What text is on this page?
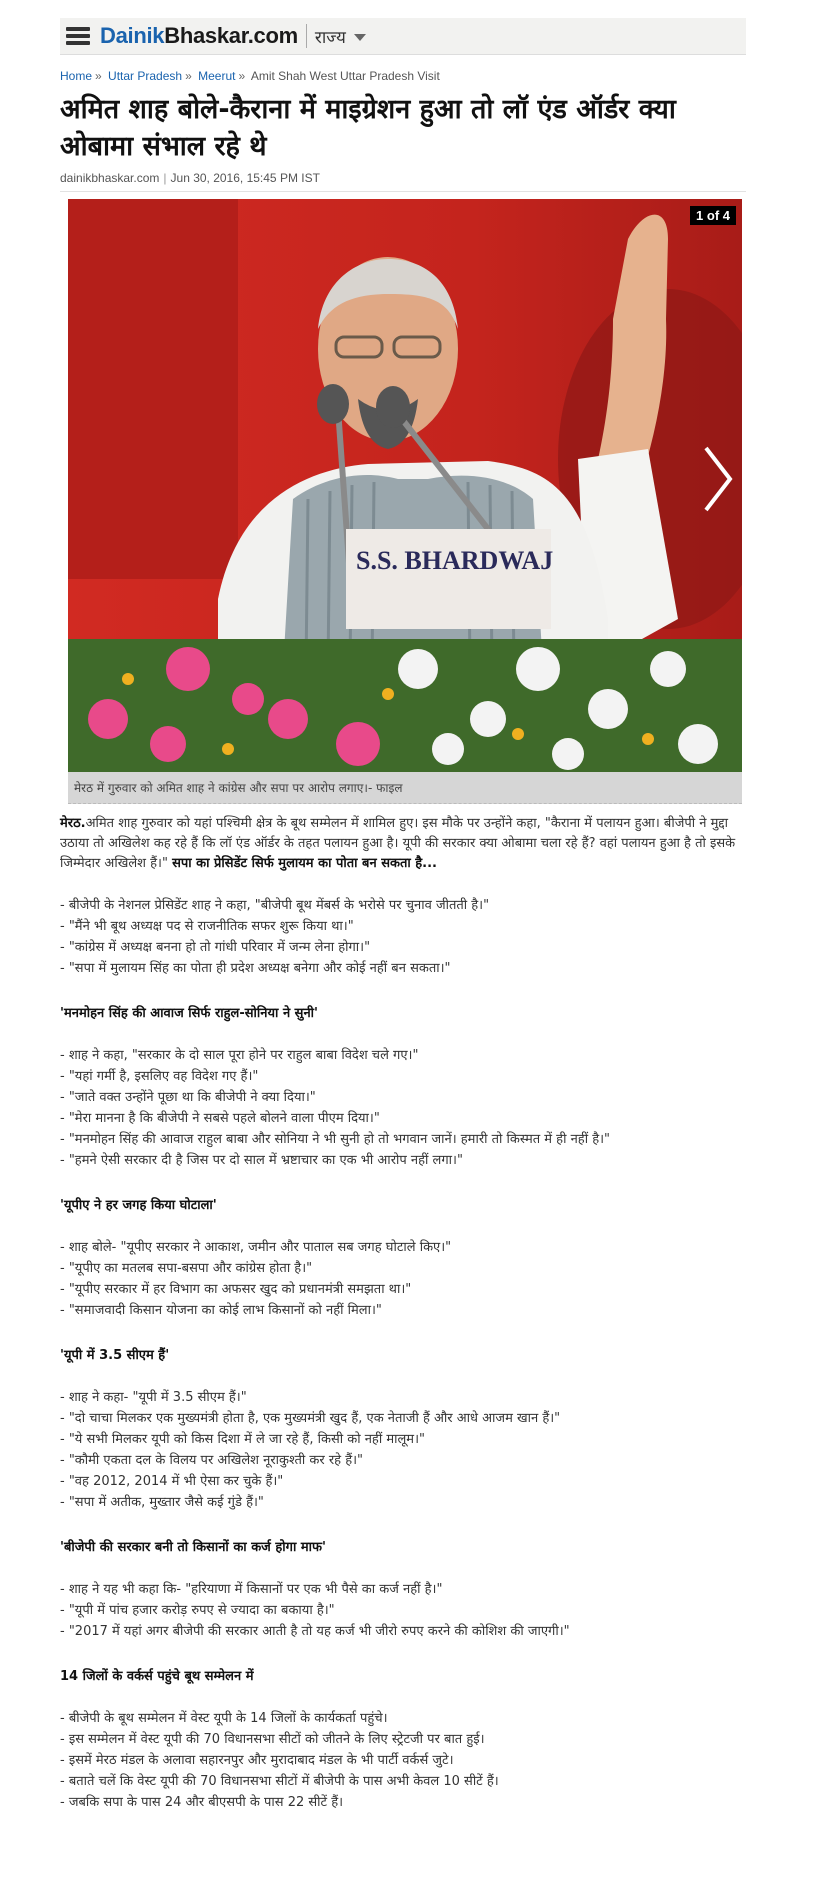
DainikBhaskar.com राज्य
Home » Uttar Pradesh » Meerut » Amit Shah West Uttar Pradesh Visit
अमित शाह बोले-कैराना में माइग्रेशन हुआ तो लॉ एंड ऑर्डर क्या ओबामा संभाल रहे थे
dainikbhaskar.com | Jun 30, 2016, 15:45 PM IST
S.S. BHARDWAJ
1 of 4
मेरठ में गुरुवार को अमित शाह ने कांग्रेस और सपा पर आरोप लगाए।- फाइल

मेरठ.अमित शाह गुरुवार को यहां पश्चिमी क्षेत्र के बूथ सम्मेलन में शामिल हुए। इस मौके पर उन्होंने कहा, "कैराना में पलायन हुआ। बीजेपी ने मुद्दा उठाया तो अखिलेश कह रहे हैं कि लॉ एंड ऑर्डर के तहत पलायन हुआ है। यूपी की सरकार क्या ओबामा चला रहे हैं? वहां पलायन हुआ है तो इसके जिम्मेदार अखिलेश हैं।" सपा का प्रेसिडेंट सिर्फ मुलायम का पोता बन सकता है...

- बीजेपी के नेशनल प्रेसिडेंट शाह ने कहा, "बीजेपी बूथ मेंबर्स के भरोसे पर चुनाव जीतती है।"
- "मैंने भी बूथ अध्यक्ष पद से राजनीतिक सफर शुरू किया था।"
- "कांग्रेस में अध्यक्ष बनना हो तो गांधी परिवार में जन्म लेना होगा।"
- "सपा में मुलायम सिंह का पोता ही प्रदेश अध्यक्ष बनेगा और कोई नहीं बन सकता।"
'मनमोहन सिंह की आवाज सिर्फ राहुल-सोनिया ने सुनी'
- शाह ने कहा, "सरकार के दो साल पूरा होने पर राहुल बाबा विदेश चले गए।"
- "यहां गर्मी है, इसलिए वह विदेश गए हैं।"
- "जाते वक्त उन्होंने पूछा था कि बीजेपी ने क्या दिया।"
- "मेरा मानना है कि बीजेपी ने सबसे पहले बोलने वाला पीएम दिया।"
- "मनमोहन सिंह की आवाज राहुल बाबा और सोनिया ने भी सुनी हो तो भगवान जानें। हमारी तो किस्मत में ही नहीं है।"
- "हमने ऐसी सरकार दी है जिस पर दो साल में भ्रष्टाचार का एक भी आरोप नहीं लगा।"
'यूपीए ने हर जगह किया घोटाला'
- शाह बोले- "यूपीए सरकार ने आकाश, जमीन और पाताल सब जगह घोटाले किए।"
- "यूपीए का मतलब सपा-बसपा और कांग्रेस होता है।"
- "यूपीए सरकार में हर विभाग का अफसर खुद को प्रधानमंत्री समझता था।"
- "समाजवादी किसान योजना का कोई लाभ किसानों को नहीं मिला।"
'यूपी में 3.5 सीएम हैं'
- शाह ने कहा- "यूपी में 3.5 सीएम हैं।"
- "दो चाचा मिलकर एक मुख्यमंत्री होता है, एक मुख्यमंत्री खुद हैं, एक नेताजी हैं और आधे आजम खान हैं।"
- "ये सभी मिलकर यूपी को किस दिशा में ले जा रहे हैं, किसी को नहीं मालूम।"
- "कौमी एकता दल के विलय पर अखिलेश नूराकुश्ती कर रहे हैं।"
- "वह 2012, 2014 में भी ऐसा कर चुके हैं।"
- "सपा में अतीक, मुख्तार जैसे कई गुंडे हैं।"
'बीजेपी की सरकार बनी तो किसानों का कर्ज होगा माफ'
- शाह ने यह भी कहा कि- "हरियाणा में किसानों पर एक भी पैसे का कर्ज नहीं है।"
- "यूपी में पांच हजार करोड़ रुपए से ज्यादा का बकाया है।"
- "2017 में यहां अगर बीजेपी की सरकार आती है तो यह कर्ज भी जीरो रुपए करने की कोशिश की जाएगी।"
14 जिलों के वर्कर्स पहुंचे बूथ सम्मेलन में
- बीजेपी के बूथ सम्मेलन में वेस्ट यूपी के 14 जिलों के कार्यकर्ता पहुंचे।
- इस सम्मेलन में वेस्ट यूपी की 70 विधानसभा सीटों को जीतने के लिए स्ट्रेटजी पर बात हुई।
- इसमें मेरठ मंडल के अलावा सहारनपुर और मुरादाबाद मंडल के भी पार्टी वर्कर्स जुटे।
- बताते चलें कि वेस्ट यूपी की 70 विधानसभा सीटों में बीजेपी के पास अभी केवल 10 सीटें हैं।
- जबकि सपा के पास 24 और बीएसपी के पास 22 सीटें हैं।
